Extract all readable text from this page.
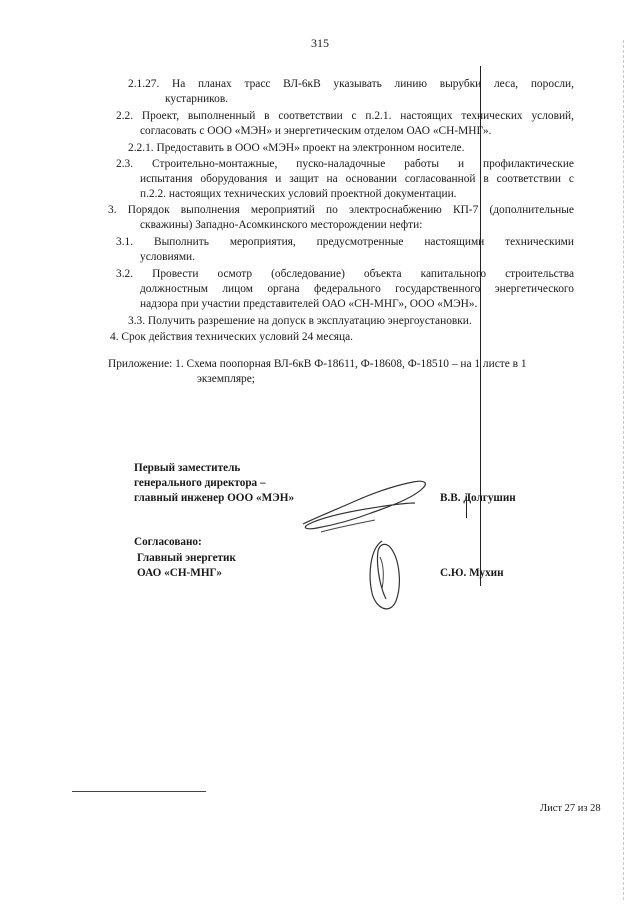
315
2.1.27. На планах трасс ВЛ-6кВ указывать линию вырубки леса, поросли,
кустарников.
2.2. Проект, выполненный в соответствии с п.2.1. настоящих технических условий,
согласовать с ООО «МЭН» и энергетическим отделом ОАО «СН-МНГ».
2.2.1. Предоставить в ООО «МЭН» проект на электронном носителе.
2.3. Строительно-монтажные, пуско-наладочные работы и профилактические
испытания оборудования и защит на основании согласованной в соответствии с
п.2.2. настоящих технических условий проектной документации.
3. Порядок выполнения мероприятий по электроснабжению КП-7 (дополнительные
скважины) Западно-Асомкинского месторождении нефти:
3.1. Выполнить мероприятия, предусмотренные настоящими техническими
условиями.
3.2. Провести осмотр (обследование) объекта капитального строительства
должностным лицом органа федерального государственного энергетического
надзора при участии представителей ОАО «СН-МНГ», ООО «МЭН».
3.3. Получить разрешение на допуск в эксплуатацию энергоустановки.
4. Срок действия технических условий 24 месяца.
Приложение: 1. Схема поопорная ВЛ-6кВ Ф-18611, Ф-18608, Ф-18510 – на 1 листе в 1
экземпляре;
Первый заместитель
генерального директора –
главный инженер ООО «МЭН»	В.В. Долгушин
Согласовано:
Главный энергетик
ОАО «СН-МНГ»	С.Ю. Мухин
Лист 27 из 28
